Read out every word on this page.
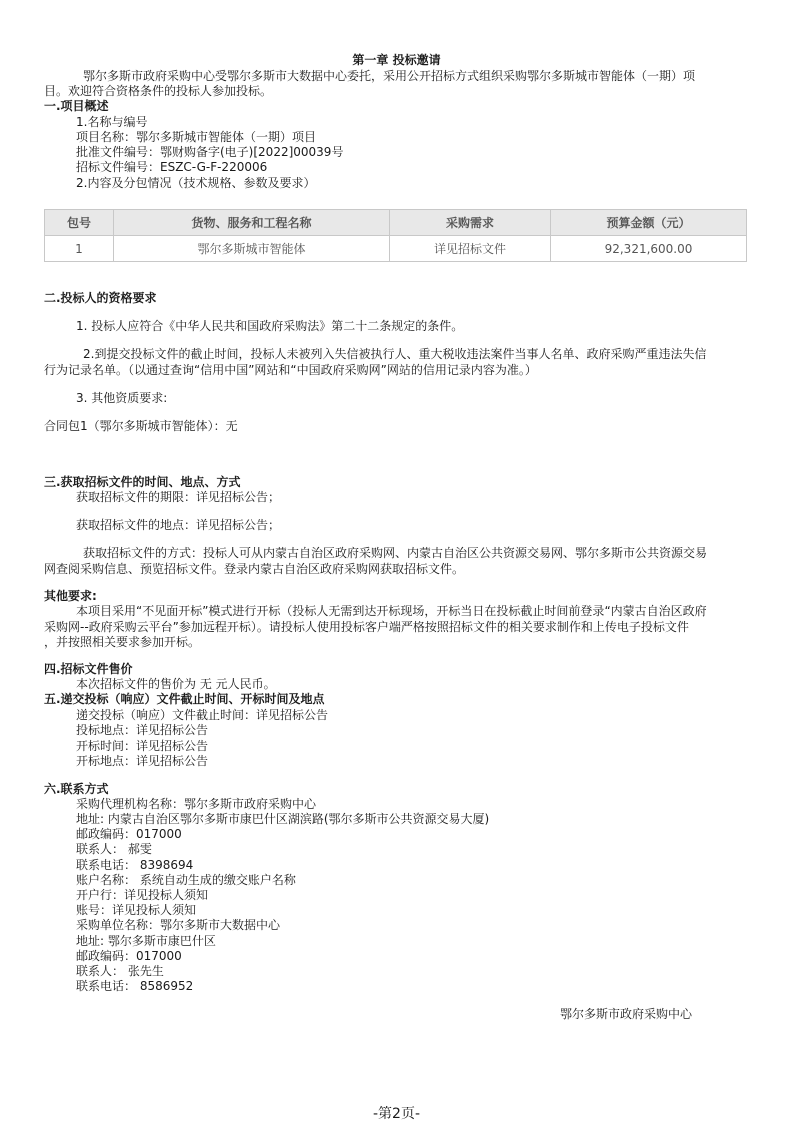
第一章 投标邀请
鄂尔多斯市政府采购中心受鄂尔多斯市大数据中心委托，采用公开招标方式组织采购鄂尔多斯城市智能体（一期）项
目。欢迎符合资格条件的投标人参加投标。
一.项目概述
1.名称与编号
项目名称：鄂尔多斯城市智能体（一期）项目
批准文件编号：鄂财购备字(电子)[2022]00039号
招标文件编号：ESZC-G-F-220006
2.内容及分包情况（技术规格、参数及要求）
包号	货物、服务和工程名称	采购需求	预算金额（元）
1	鄂尔多斯城市智能体	详见招标文件	92,321,600.00
二.投标人的资格要求
1. 投标人应符合《中华人民共和国政府采购法》第二十二条规定的条件。
2.到提交投标文件的截止时间，投标人未被列入失信被执行人、重大税收违法案件当事人名单、政府采购严重违法失信
行为记录名单。（以通过查询“信用中国”网站和“中国政府采购网”网站的信用记录内容为准。）
3. 其他资质要求:
合同包1（鄂尔多斯城市智能体）：无
三.获取招标文件的时间、地点、方式
获取招标文件的期限：详见招标公告；
获取招标文件的地点：详见招标公告；
获取招标文件的方式：投标人可从内蒙古自治区政府采购网、内蒙古自治区公共资源交易网、鄂尔多斯市公共资源交易
网查阅采购信息、预览招标文件。登录内蒙古自治区政府采购网获取招标文件。
其他要求:
本项目采用“不见面开标”模式进行开标（投标人无需到达开标现场，开标当日在投标截止时间前登录“内蒙古自治区政府
采购网--政府采购云平台”参加远程开标）。请投标人使用投标客户端严格按照招标文件的相关要求制作和上传电子投标文件
，并按照相关要求参加开标。
四.招标文件售价
本次招标文件的售价为 无 元人民币。
五.递交投标（响应）文件截止时间、开标时间及地点
递交投标（响应）文件截止时间：详见招标公告
投标地点：详见招标公告
开标时间：详见招标公告
开标地点：详见招标公告
六.联系方式
采购代理机构名称：鄂尔多斯市政府采购中心
地址: 内蒙古自治区鄂尔多斯市康巴什区湖滨路(鄂尔多斯市公共资源交易大厦)
邮政编码：017000
联系人： 郝雯
联系电话： 8398694
账户名称： 系统自动生成的缴交账户名称
开户行：详见投标人须知
账号：详见投标人须知
采购单位名称：鄂尔多斯市大数据中心
地址: 鄂尔多斯市康巴什区
邮政编码：017000
联系人： 张先生
联系电话： 8586952
鄂尔多斯市政府采购中心
-第2页-
